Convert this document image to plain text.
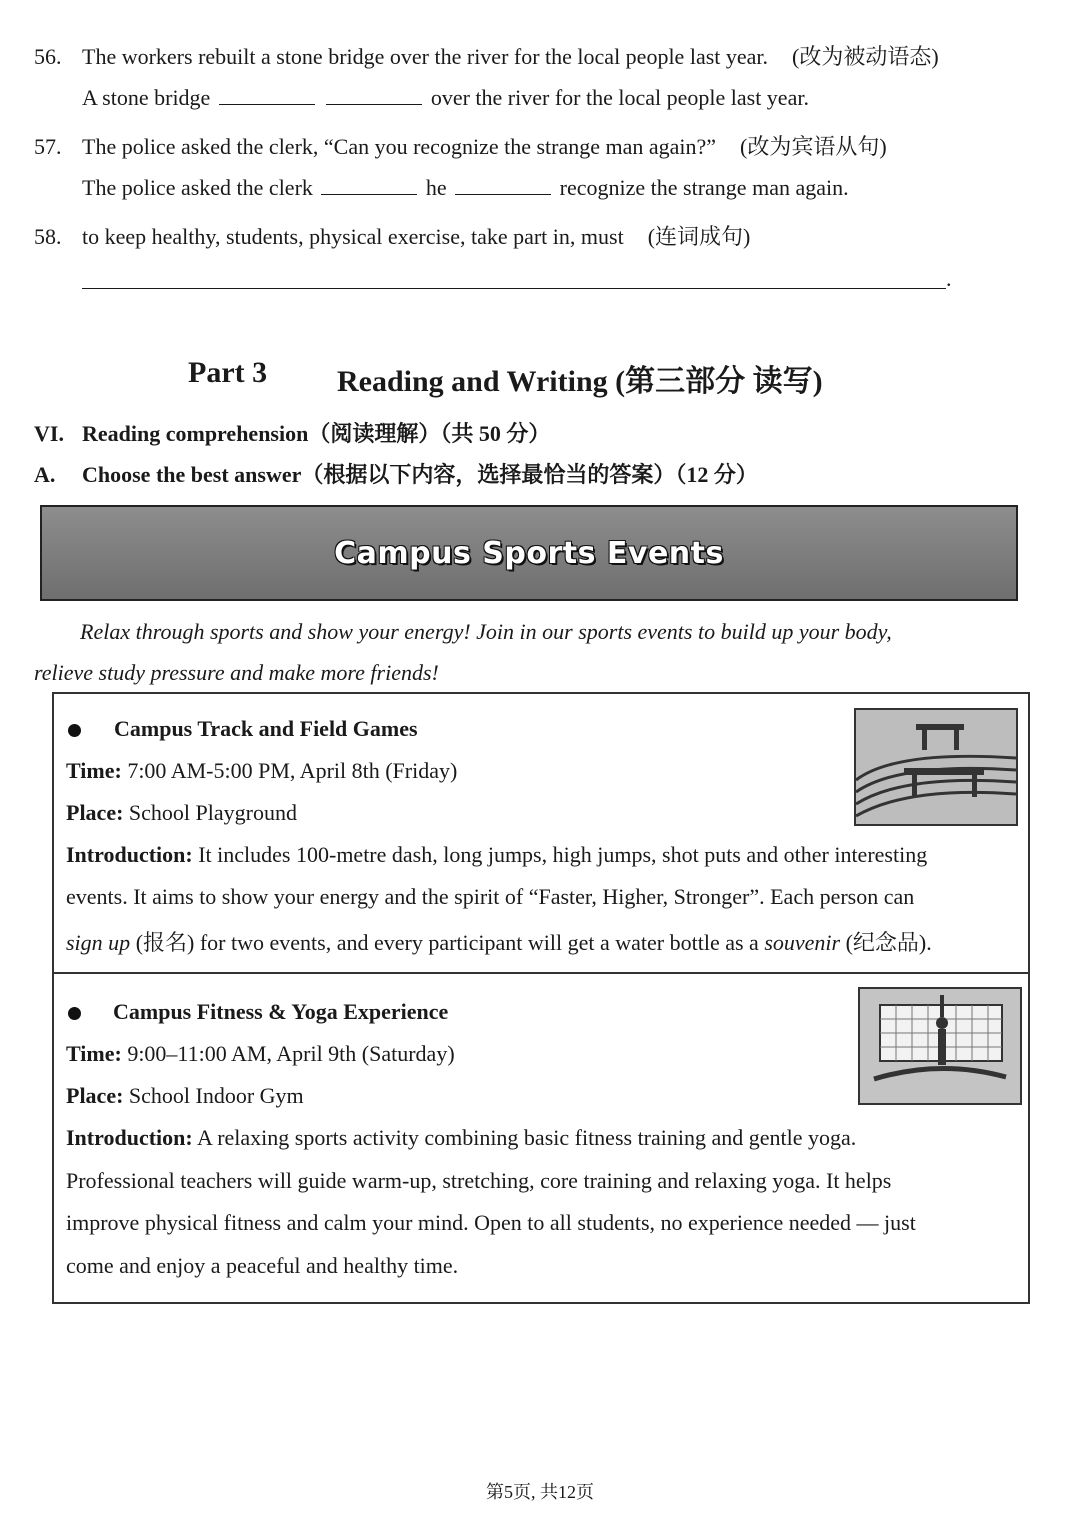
56. The workers rebuilt a stone bridge over the river for the local people last year. (改为被动语态)
A stone bridge	over the river for the local people last year.
57. The police asked the clerk, “Can you recognize the strange man again?” (改为宾语从句)
The police asked the clerk	he	recognize the strange man again.
58. to keep healthy, students, physical exercise, take part in, must (连词成句)
.
Part 3 Reading and Writing (第三部分 读写)
VI. Reading comprehension（阅读理解）（共 50 分）
A. Choose the best answer（根据以下内容，选择最恰当的答案）（12 分）
Campus Sports Events
Relax through sports and show your energy! Join in our sports events to build up your body,
relieve study pressure and make more friends!
Campus Track and Field Games
Time: 7:00 AM-5:00 PM, April 8th (Friday)
Place: School Playground
Introduction: It includes 100-metre dash, long jumps, high jumps, shot puts and other interesting
events. It aims to show your energy and the spirit of “Faster, Higher, Stronger”. Each person can
sign up (报名) for two events, and every participant will get a water bottle as a souvenir (纪念品).
Campus Fitness & Yoga Experience
Time: 9:00–11:00 AM, April 9th (Saturday)
Place: School Indoor Gym
Introduction: A relaxing sports activity combining basic fitness training and gentle yoga.
Professional teachers will guide warm-up, stretching, core training and relaxing yoga. It helps
improve physical fitness and calm your mind. Open to all students, no experience needed — just
come and enjoy a peaceful and healthy time.
第5页, 共12页
